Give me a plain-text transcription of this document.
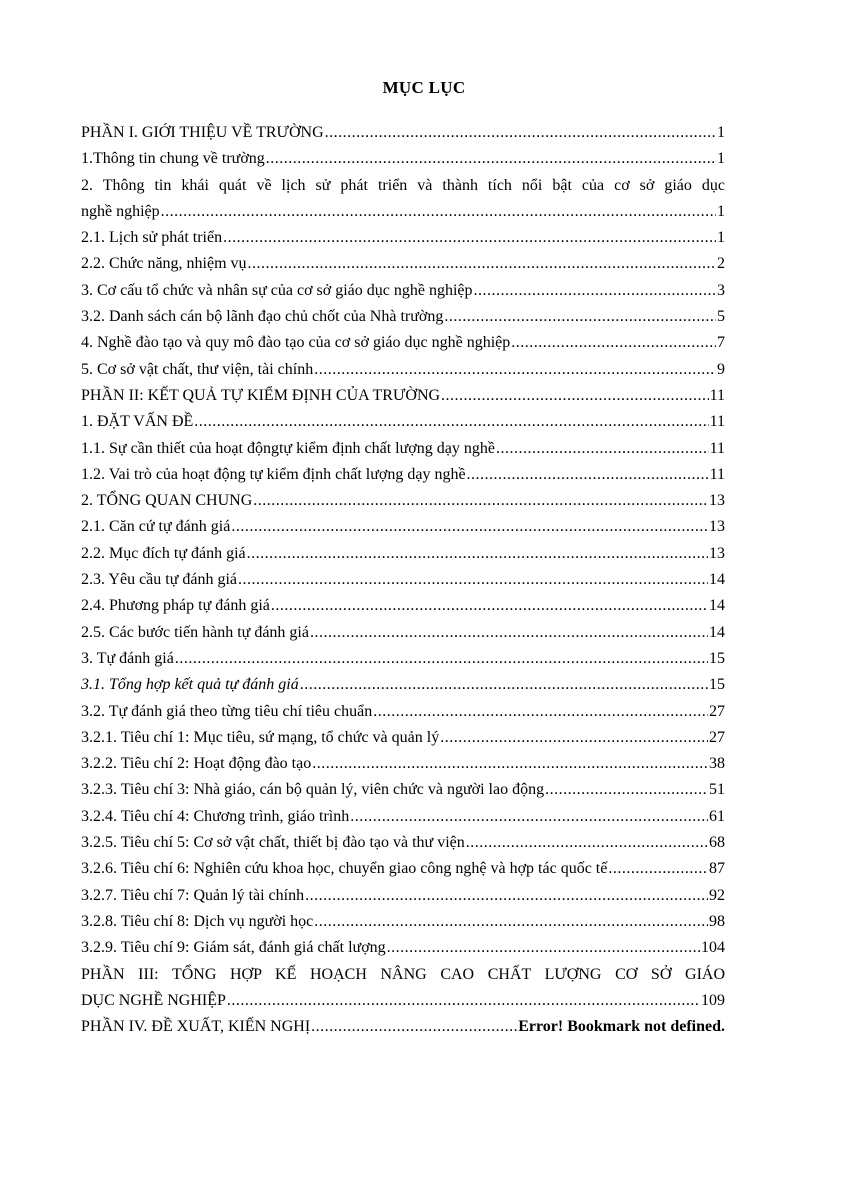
MỤC LỤC
PHẦN I. GIỚI THIỆU VỀ TRƯỜNG .....	1
1.Thông tin chung về trường .....	1
2. Thông tin khái quát về lịch sử phát triển và thành tích nổi bật của cơ sở giáo dục
nghề nghiệp .....	1
2.1. Lịch sử phát triển .....	1
2.2. Chức năng, nhiệm vụ .....	2
3. Cơ cấu tổ chức và nhân sự của cơ sở giáo dục nghề nghiệp .....	3
3.2. Danh sách cán bộ lãnh đạo chủ chốt của Nhà trường .....	5
4. Nghề đào tạo và quy mô đào tạo của cơ sở giáo dục nghề nghiệp .....	7
5. Cơ sở vật chất, thư viện, tài chính .....	9
PHẦN II: KẾT QUẢ TỰ KIỂM ĐỊNH CỦA TRƯỜNG .....	11
1. ĐẶT VẤN ĐỀ .....	11
1.1. Sự cần thiết của hoạt độngtự kiểm định chất lượng dạy nghề .....	11
1.2. Vai trò của hoạt động tự kiểm định chất lượng dạy nghề .....	11
2. TỔNG QUAN CHUNG .....	13
2.1. Căn cứ tự đánh giá .....	13
2.2. Mục đích tự đánh giá .....	13
2.3. Yêu cầu tự đánh giá .....	14
2.4. Phương pháp tự đánh giá .....	14
2.5. Các bước tiến hành tự đánh giá .....	14
3. Tự đánh giá .....	15
3.1. Tổng hợp kết quả tự đánh giá .....	15
3.2. Tự đánh giá theo từng tiêu chí tiêu chuẩn .....	27
3.2.1. Tiêu chí 1: Mục tiêu, sứ mạng, tổ chức và quản lý .....	27
3.2.2. Tiêu chí 2: Hoạt động đào tạo .....	38
3.2.3. Tiêu chí 3: Nhà giáo, cán bộ quản lý, viên chức và người lao động .....	51
3.2.4. Tiêu chí 4: Chương trình, giáo trình .....	61
3.2.5. Tiêu chí 5: Cơ sở vật chất, thiết bị đào tạo và thư viện .....	68
3.2.6. Tiêu chí 6: Nghiên cứu khoa học, chuyển giao công nghệ và hợp tác quốc tế .....	87
3.2.7. Tiêu chí 7: Quản lý tài chính .....	92
3.2.8. Tiêu chí 8: Dịch vụ người học .....	98
3.2.9. Tiêu chí 9: Giám sát, đánh giá chất lượng .....	104
PHẦN III: TỔNG HỢP KẾ HOẠCH NÂNG CAO CHẤT LƯỢNG CƠ SỞ GIÁO
DỤC NGHỀ NGHIỆP .....	109
PHẦN IV. ĐỀ XUẤT, KIẾN NGHỊ .....	Error! Bookmark not defined.
